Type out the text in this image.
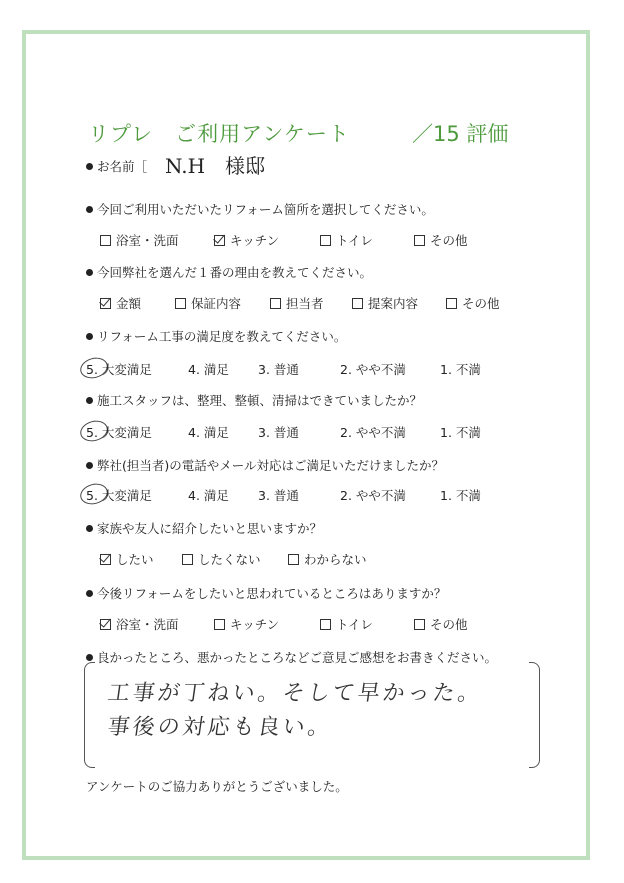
リプレ　ご利用アンケート	／15 評価
お名前［ N.H　様邸
今回ご利用いただいたリフォーム箇所を選択してください。
浴室・洗面	キッチン	トイレ	その他
今回弊社を選んだ１番の理由を教えてください。
金額	保証内容	担当者	提案内容	その他
リフォーム工事の満足度を教えてください。
5. 大変満足	4. 満足 3. 普通	2. やや不満	1. 不満
施工スタッフは、整理、整頓、清掃はできていましたか？
5. 大変満足	4. 満足 3. 普通	2. やや不満	1. 不満
弊社(担当者)の電話やメール対応はご満足いただけましたか？
5. 大変満足	4. 満足 3. 普通	2. やや不満	1. 不満
家族や友人に紹介したいと思いますか？
したい	したくない	わからない
今後リフォームをしたいと思われているところはありますか？
浴室・洗面	キッチン	トイレ	その他
良かったところ、悪かったところなどご意見ご感想をお書きください。
工事が丁ねい。そして早かった。
事後の対応も良い。
アンケートのご協力ありがとうございました。
